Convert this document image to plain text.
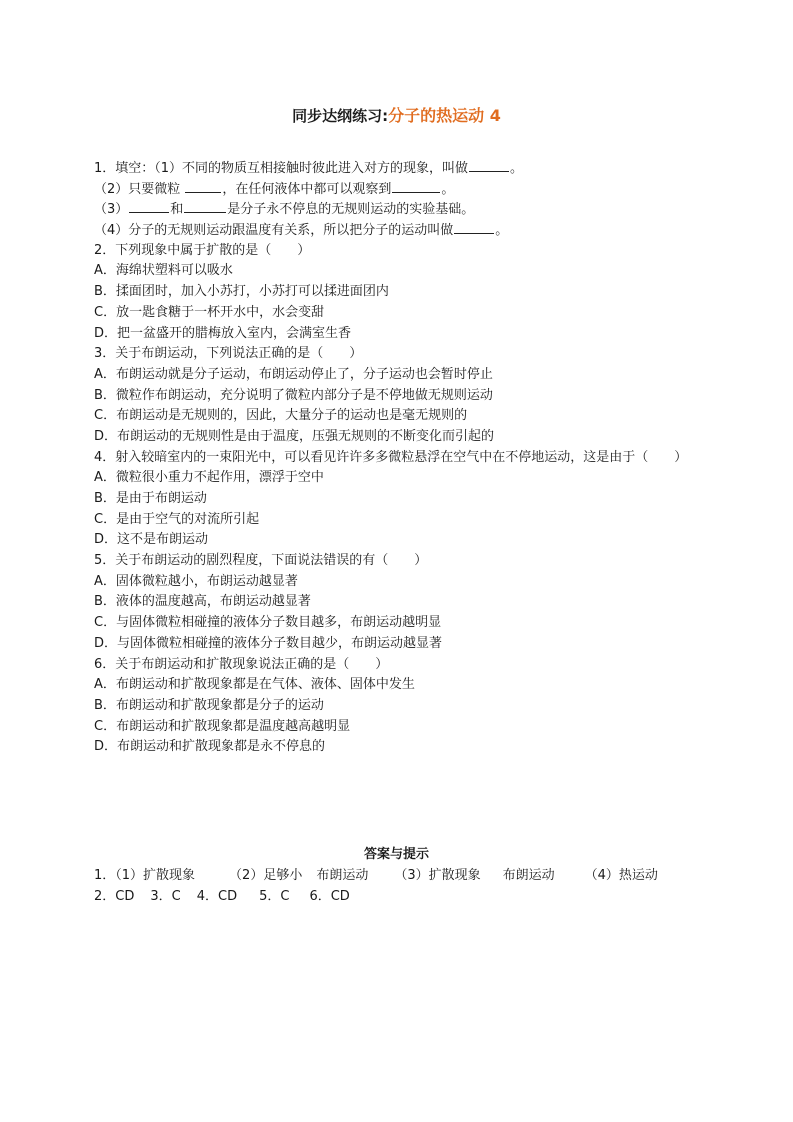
同步达纲练习:分子的热运动 4
1．填空：（1）不同的物质互相接触时彼此进入对方的现象，叫做	。
（2）只要微粒	，在任何液体中都可以观察到	。
（3）	和	是分子永不停息的无规则运动的实验基础。
（4）分子的无规则运动跟温度有关系，所以把分子的运动叫做	。
2．下列现象中属于扩散的是（　　）
A．海绵状塑料可以吸水
B．揉面团时，加入小苏打，小苏打可以揉进面团内
C．放一匙食糖于一杯开水中，水会变甜
D．把一盆盛开的腊梅放入室内，会满室生香
3．关于布朗运动，下列说法正确的是（　　）
A．布朗运动就是分子运动，布朗运动停止了，分子运动也会暂时停止
B．微粒作布朗运动，充分说明了微粒内部分子是不停地做无规则运动
C．布朗运动是无规则的，因此，大量分子的运动也是毫无规则的
D．布朗运动的无规则性是由于温度，压强无规则的不断变化而引起的
4．射入较暗室内的一束阳光中，可以看见许许多多微粒悬浮在空气中在不停地运动，这是由于（　　）
A．微粒很小重力不起作用，漂浮于空中
B．是由于布朗运动
C．是由于空气的对流所引起
D．这不是布朗运动
5．关于布朗运动的剧烈程度，下面说法错误的有（　　）
A．固体微粒越小，布朗运动越显著
B．液体的温度越高，布朗运动越显著
C．与固体微粒相碰撞的液体分子数目越多，布朗运动越明显
D．与固体微粒相碰撞的液体分子数目越少，布朗运动越显著
6．关于布朗运动和扩散现象说法正确的是（　　）
A．布朗运动和扩散现象都是在气体、液体、固体中发生
B．布朗运动和扩散现象都是分子的运动
C．布朗运动和扩散现象都是温度越高越明显
D．布朗运动和扩散现象都是永不停息的
答案与提示
1．（1）扩散现象	（2）足够小 布朗运动 （3）扩散现象 布朗运动 （4）热运动
2．CD 3．C 4．CD 5．C 6．CD
